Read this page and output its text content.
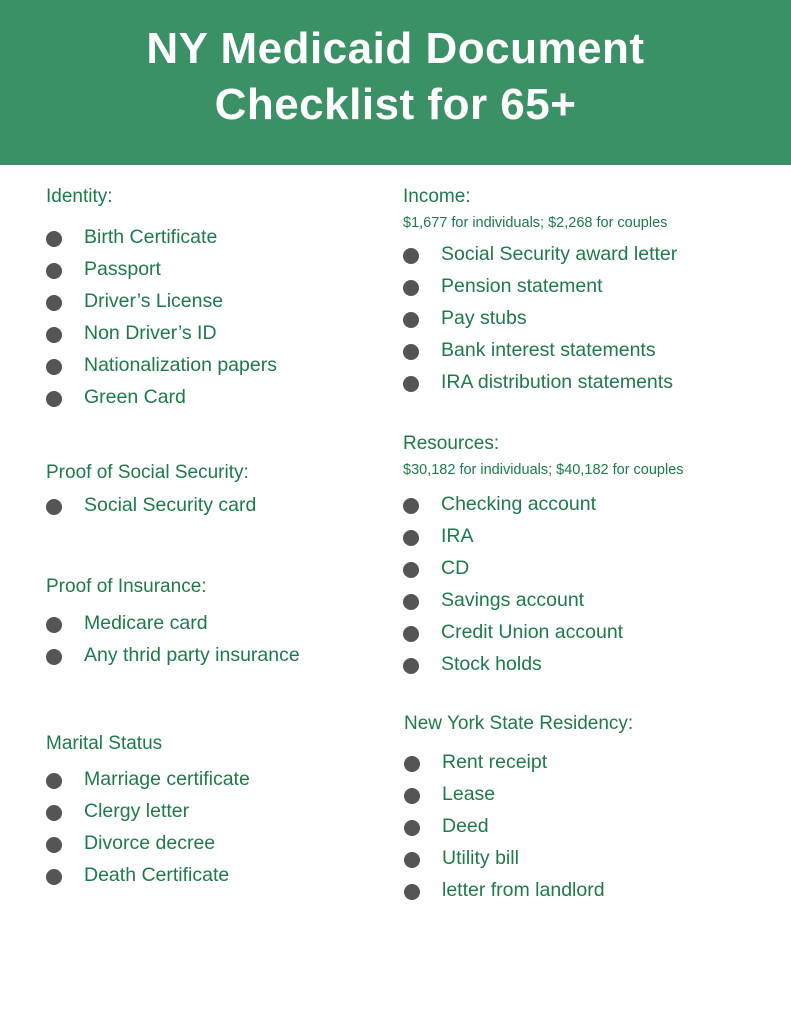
NY Medicaid Document
Checklist for 65+
Identity:
Birth Certificate
Passport
Driver’s License
Non Driver’s ID
Nationalization papers
Green Card
Proof of Social Security:
Social Security card
Proof of Insurance:
Medicare card
Any thrid party insurance
Marital Status
Marriage certificate
Clergy letter
Divorce decree
Death Certificate
Income:
$1,677 for individuals; $2,268 for couples
Social Security award letter
Pension statement
Pay stubs
Bank interest statements
IRA distribution statements
Resources:
$30,182 for individuals; $40,182 for couples
Checking account
IRA
CD
Savings account
Credit Union account
Stock holds
New York State Residency:
Rent receipt
Lease
Deed
Utility bill
letter from landlord
